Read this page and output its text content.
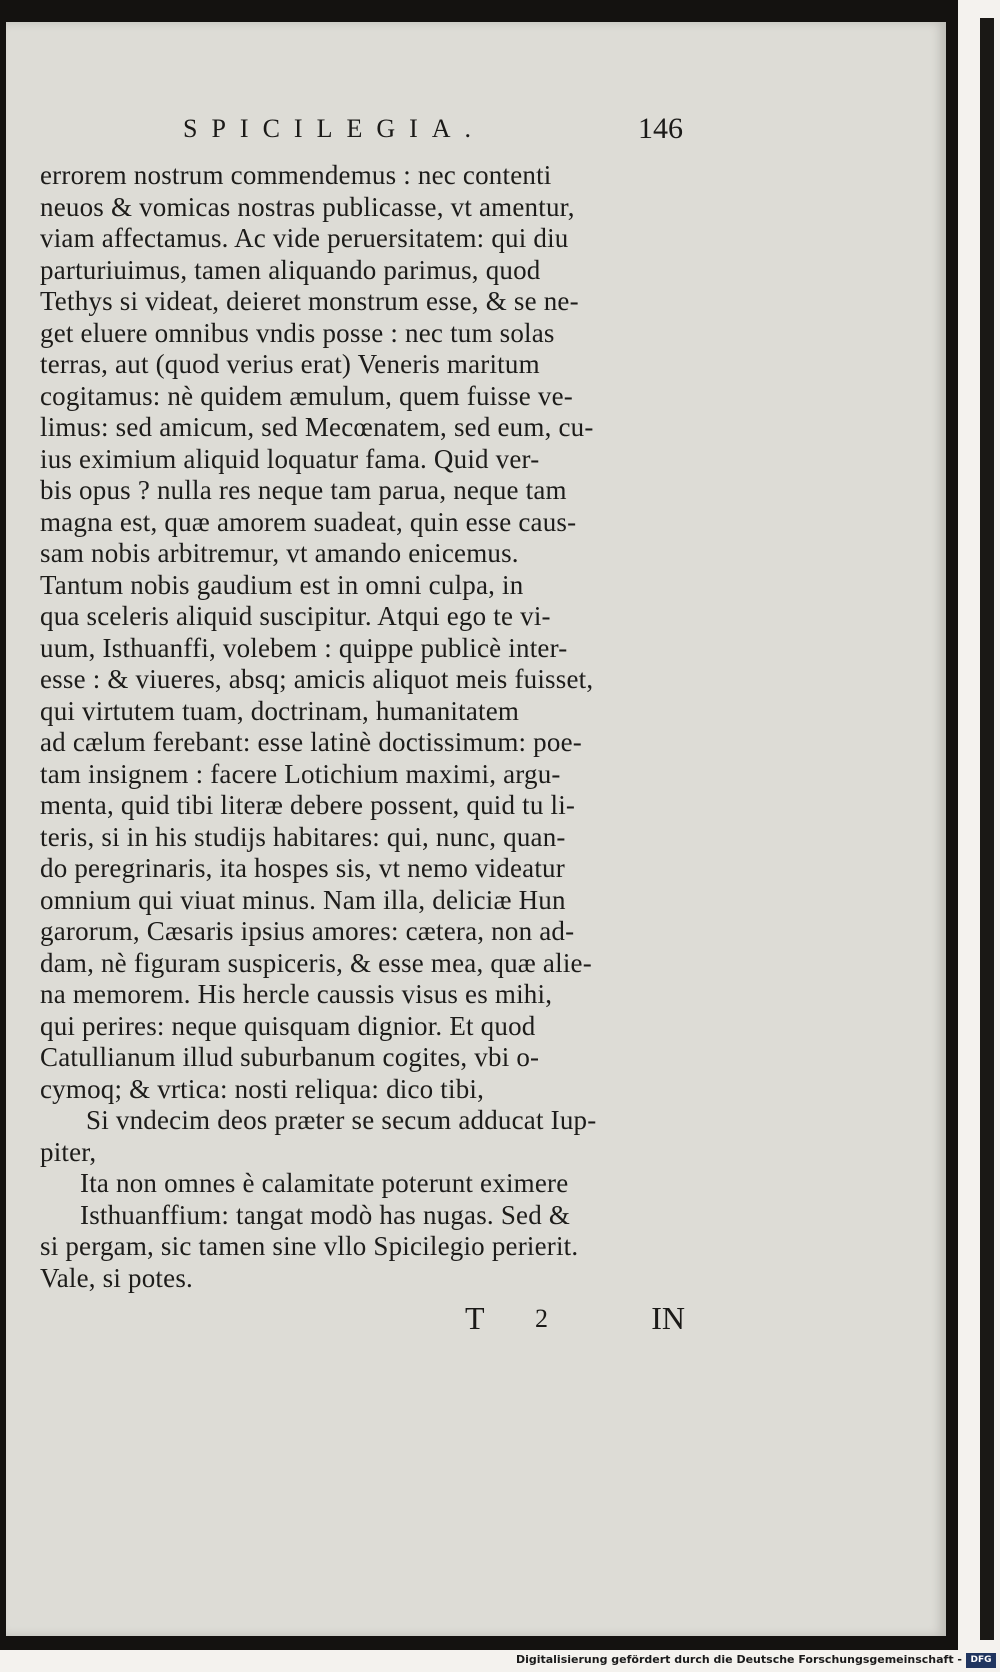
SPICILEGIA.	146
errorem nostrum commendemus : nec contenti
neuos & vomicas nostras publicasse, vt amentur,
viam affectamus. Ac vide peruersitatem: qui diu
parturiuimus, tamen aliquando parimus, quod
Tethys si videat, deieret monstrum esse, & se ne-
get eluere omnibus vndis posse : nec tum solas
terras, aut (quod verius erat) Veneris maritum
cogitamus: nè quidem æmulum, quem fuisse ve-
limus: sed amicum, sed Mecœnatem, sed eum, cu-
ius eximium aliquid loquatur fama. Quid ver-
bis opus ? nulla res neque tam parua, neque tam
magna est, quæ amorem suadeat, quin esse caus-
sam nobis arbitremur, vt amando enicemus.
Tantum nobis gaudium est in omni culpa, in
qua sceleris aliquid suscipitur. Atqui ego te vi-
uum, Isthuanffi, volebem : quippe publicè inter-
esse : & viueres, absq; amicis aliquot meis fuisset,
qui virtutem tuam, doctrinam, humanitatem
ad cælum ferebant: esse latinè doctissimum: poe-
tam insignem : facere Lotichium maximi, argu-
menta, quid tibi literæ debere possent, quid tu li-
teris, si in his studijs habitares: qui, nunc, quan-
do peregrinaris, ita hospes sis, vt nemo videatur
omnium qui viuat minus. Nam illa, deliciæ Hun
garorum, Cæsaris ipsius amores: cætera, non ad-
dam, nè figuram suspiceris, & esse mea, quæ alie-
na memorem. His hercle caussis visus es mihi,
qui perires: neque quisquam dignior. Et quod
Catullianum illud suburbanum cogites, vbi o-
cymoq; & vrtica: nosti reliqua: dico tibi,
Si vndecim deos præter se secum adducat Iup-
piter,
Ita non omnes è calamitate poterunt eximere
Isthuanffium: tangat modò has nugas. Sed &
si pergam, sic tamen sine vllo Spicilegio perierit.
Vale, si potes.
T 2	IN
Digitalisierung gefördert durch die Deutsche Forschungsgemeinschaft - DFG
